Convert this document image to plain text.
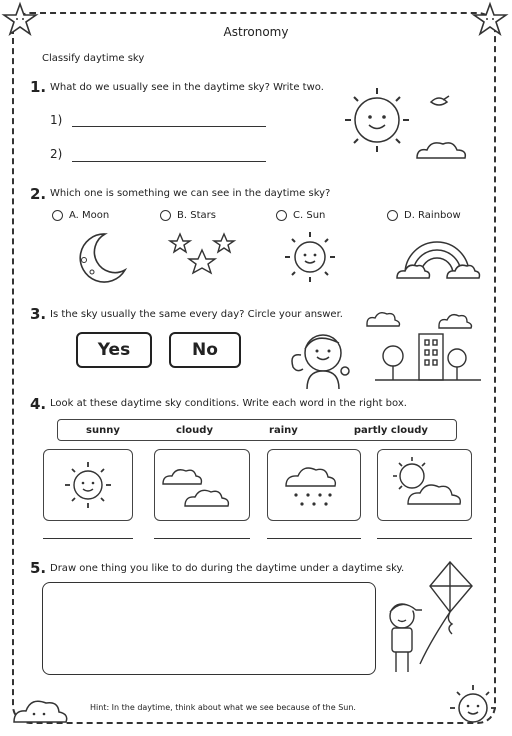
Astronomy
Classify daytime sky
1. What do we usually see in the daytime sky? Write two.
1)
2)
2. Which one is something we can see in the daytime sky?
A. Moon	B. Stars	C. Sun	D. Rainbow
3. Is the sky usually the same every day? Circle your answer.
Yes	No
4. Look at these daytime sky conditions. Write each word in the right box.
sunny	cloudy	rainy	partly cloudy
5. Draw one thing you like to do during the daytime under a daytime sky.
Hint: In the daytime, think about what we see because of the Sun.
